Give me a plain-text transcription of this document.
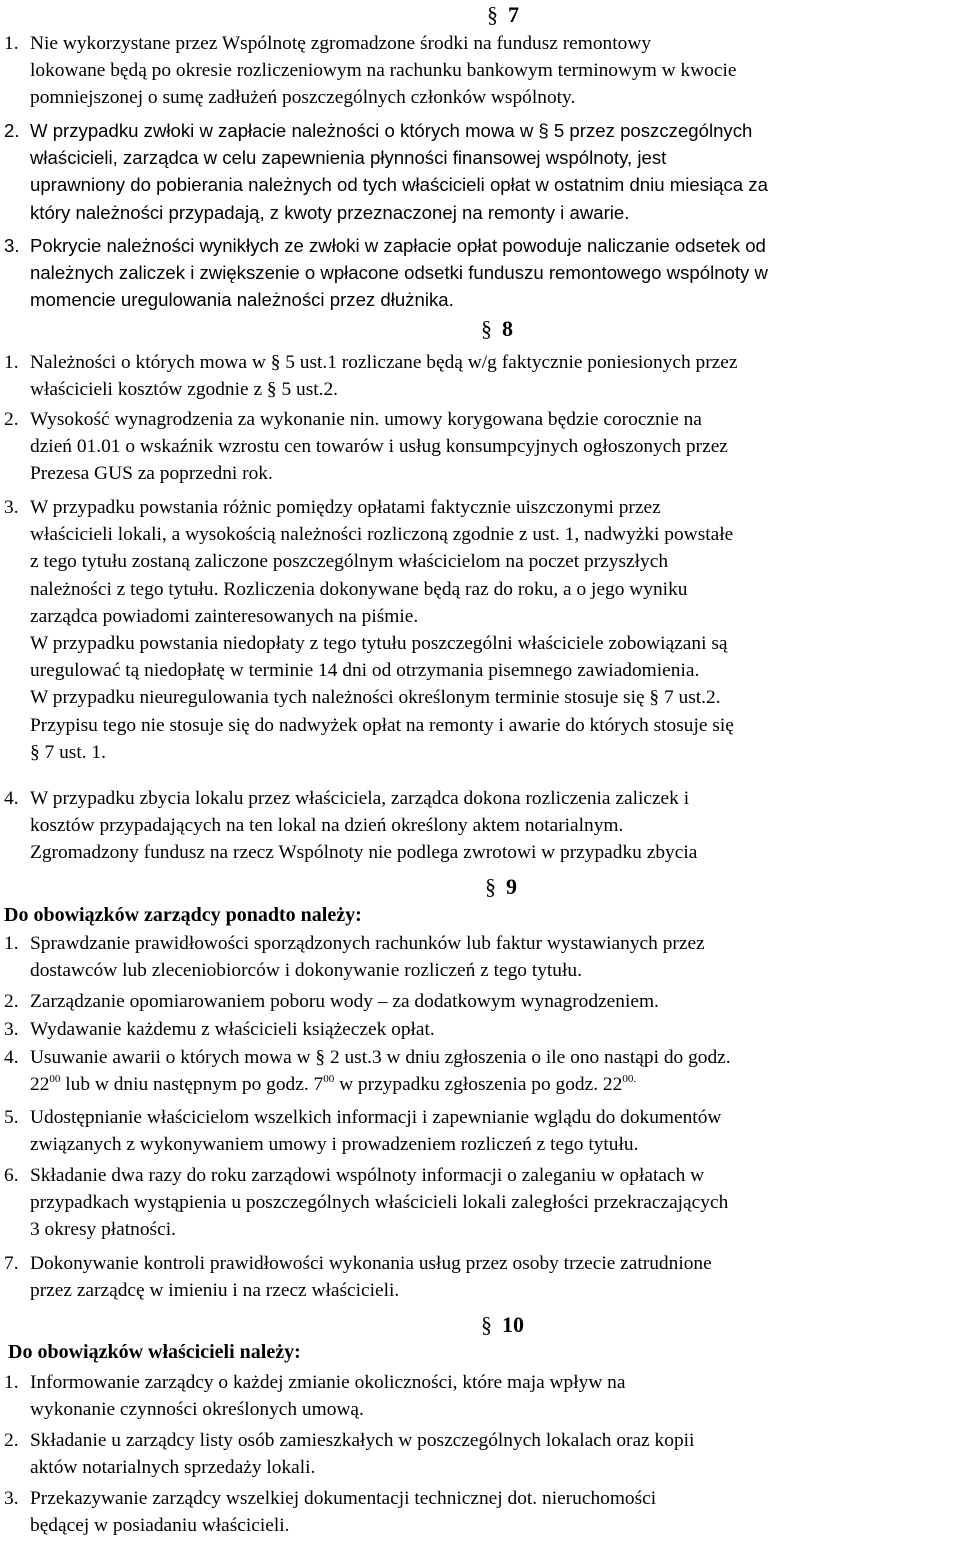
§ 7
1. Nie wykorzystane przez Wspólnotę zgromadzone środki na fundusz remontowy
lokowane będą po okresie rozliczeniowym na rachunku bankowym terminowym w kwocie
pomniejszonej o sumę zadłużeń poszczególnych członków wspólnoty.
2. W przypadku zwłoki w zapłacie należności o których mowa w § 5 przez poszczególnych
właścicieli, zarządca w celu zapewnienia płynności finansowej wspólnoty, jest
uprawniony do pobierania należnych od tych właścicieli opłat w ostatnim dniu miesiąca za
który należności przypadają, z kwoty przeznaczonej na remonty i awarie.
3. Pokrycie należności wynikłych ze zwłoki w zapłacie opłat powoduje naliczanie odsetek od
należnych zaliczek i zwiększenie o wpłacone odsetki funduszu remontowego wspólnoty w
momencie uregulowania należności przez dłużnika.
§ 8
1. Należności o których mowa w § 5 ust.1 rozliczane będą w/g faktycznie poniesionych przez
właścicieli kosztów zgodnie z § 5 ust.2.
2. Wysokość wynagrodzenia za wykonanie nin. umowy korygowana będzie corocznie na
dzień 01.01 o wskaźnik wzrostu cen towarów i usług konsumpcyjnych ogłoszonych przez
Prezesa GUS za poprzedni rok.
3. W przypadku powstania różnic pomiędzy opłatami faktycznie uiszczonymi przez
właścicieli lokali, a wysokością należności rozliczoną zgodnie z ust. 1, nadwyżki powstałe
z tego tytułu zostaną zaliczone poszczególnym właścicielom na poczet przyszłych
należności z tego tytułu. Rozliczenia dokonywane będą raz do roku, a o jego wyniku
zarządca powiadomi zainteresowanych na piśmie.
W przypadku powstania niedopłaty z tego tytułu poszczególni właściciele zobowiązani są
uregulować tą niedopłatę w terminie 14 dni od otrzymania pisemnego zawiadomienia.
W przypadku nieuregulowania tych należności określonym terminie stosuje się § 7 ust.2.
Przypisu tego nie stosuje się do nadwyżek opłat na remonty i awarie do których stosuje się
§ 7 ust. 1.
4. W przypadku zbycia lokalu przez właściciela, zarządca dokona rozliczenia zaliczek i
kosztów przypadających na ten lokal na dzień określony aktem notarialnym.
Zgromadzony fundusz na rzecz Wspólnoty nie podlega zwrotowi w przypadku zbycia
§ 9
Do obowiązków zarządcy ponadto należy:
1. Sprawdzanie prawidłowości sporządzonych rachunków lub faktur wystawianych przez
dostawców lub zleceniobiorców i dokonywanie rozliczeń z tego tytułu.
2. Zarządzanie opomiarowaniem poboru wody – za dodatkowym wynagrodzeniem.
3. Wydawanie każdemu z właścicieli książeczek opłat.
4. Usuwanie awarii o których mowa w § 2 ust.3 w dniu zgłoszenia o ile ono nastąpi do godz.
$22^{00}$ lub w dniu następnym po godz. $7^{00}$ w przypadku zgłoszenia po godz. $22^{00.}$
5. Udostępnianie właścicielom wszelkich informacji i zapewnianie wglądu do dokumentów
związanych z wykonywaniem umowy i prowadzeniem rozliczeń z tego tytułu.
6. Składanie dwa razy do roku zarządowi wspólnoty informacji o zaleganiu w opłatach w
przypadkach wystąpienia u poszczególnych właścicieli lokali zaległości przekraczających
3 okresy płatności.
7. Dokonywanie kontroli prawidłowości wykonania usług przez osoby trzecie zatrudnione
przez zarządcę w imieniu i na rzecz właścicieli.
§ 10
Do obowiązków właścicieli należy:
1. Informowanie zarządcy o każdej zmianie okoliczności, które maja wpływ na
wykonanie czynności określonych umową.
2. Składanie u zarządcy listy osób zamieszkałych w poszczególnych lokalach oraz kopii
aktów notarialnych sprzedaży lokali.
3. Przekazywanie zarządcy wszelkiej dokumentacji technicznej dot. nieruchomości
będącej w posiadaniu właścicieli.
